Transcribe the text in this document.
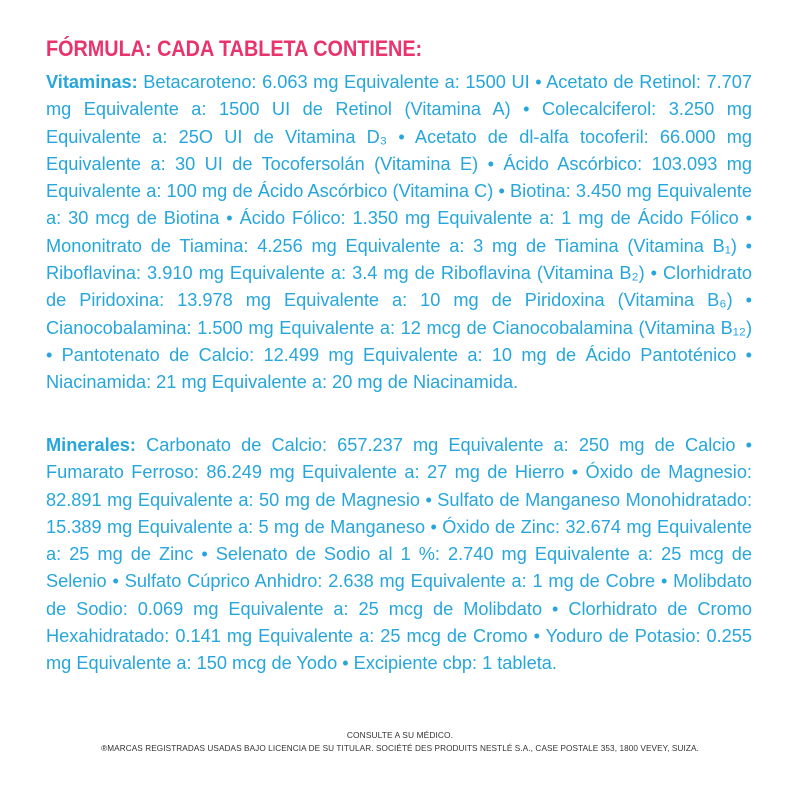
FÓRMULA: CADA TABLETA CONTIENE:

Vitaminas: Betacaroteno: 6.063 mg Equivalente a: 1500 UI • Acetato de Retinol: 7.707 mg Equivalente a: 1500 UI de Retinol (Vitamina A) • Colecalciferol: 3.250 mg Equivalente a: 25O UI de Vitamina D₃ • Acetato de dl-alfa tocoferil: 66.000 mg Equivalente a: 30 UI de Tocofersolán (Vitamina E) • Ácido Ascórbico: 103.093 mg Equivalente a: 100 mg de Ácido Ascórbico (Vitamina C) • Biotina: 3.450 mg Equivalente a: 30 mcg de Biotina • Ácido Fólico: 1.350 mg Equivalente a: 1 mg de Ácido Fólico • Mononitrato de Tiamina: 4.256 mg Equivalente a: 3 mg de Tiamina (Vitamina B₁) • Riboflavina: 3.910 mg Equivalente a: 3.4 mg de Riboflavina (Vitamina B₂) • Clorhidrato de Piridoxina: 13.978 mg Equivalente a: 10 mg de Piridoxina (Vitamina B₆) • Cianocobalamina: 1.500 mg Equivalente a: 12 mcg de Cianocobalamina (Vitamina B₁₂) • Pantotenato de Calcio: 12.499 mg Equivalente a: 10 mg de Ácido Pantoténico • Niacinamida: 21 mg Equivalente a: 20 mg de Niacinamida.

Minerales: Carbonato de Calcio: 657.237 mg Equivalente a: 250 mg de Calcio • Fumarato Ferroso: 86.249 mg Equivalente a: 27 mg de Hierro • Óxido de Magnesio: 82.891 mg Equivalente a: 50 mg de Magnesio • Sulfato de Manganeso Monohidratado: 15.389 mg Equivalente a: 5 mg de Manganeso • Óxido de Zinc: 32.674 mg Equivalente a: 25 mg de Zinc • Selenato de Sodio al 1 %: 2.740 mg Equivalente a: 25 mcg de Selenio • Sulfato Cúprico Anhidro: 2.638 mg Equivalente a: 1 mg de Cobre • Molibdato de Sodio: 0.069 mg Equivalente a: 25 mcg de Molibdato • Clorhidrato de Cromo Hexahidratado: 0.141 mg Equivalente a: 25 mcg de Cromo • Yoduro de Potasio: 0.255 mg Equivalente a: 150 mcg de Yodo • Excipiente cbp: 1 tableta.

CONSULTE A SU MÉDICO.
®MARCAS REGISTRADAS USADAS BAJO LICENCIA DE SU TITULAR. SOCIÉTÉ DES PRODUITS NESTLÉ S.A., CASE POSTALE 353, 1800 VEVEY, SUIZA.
